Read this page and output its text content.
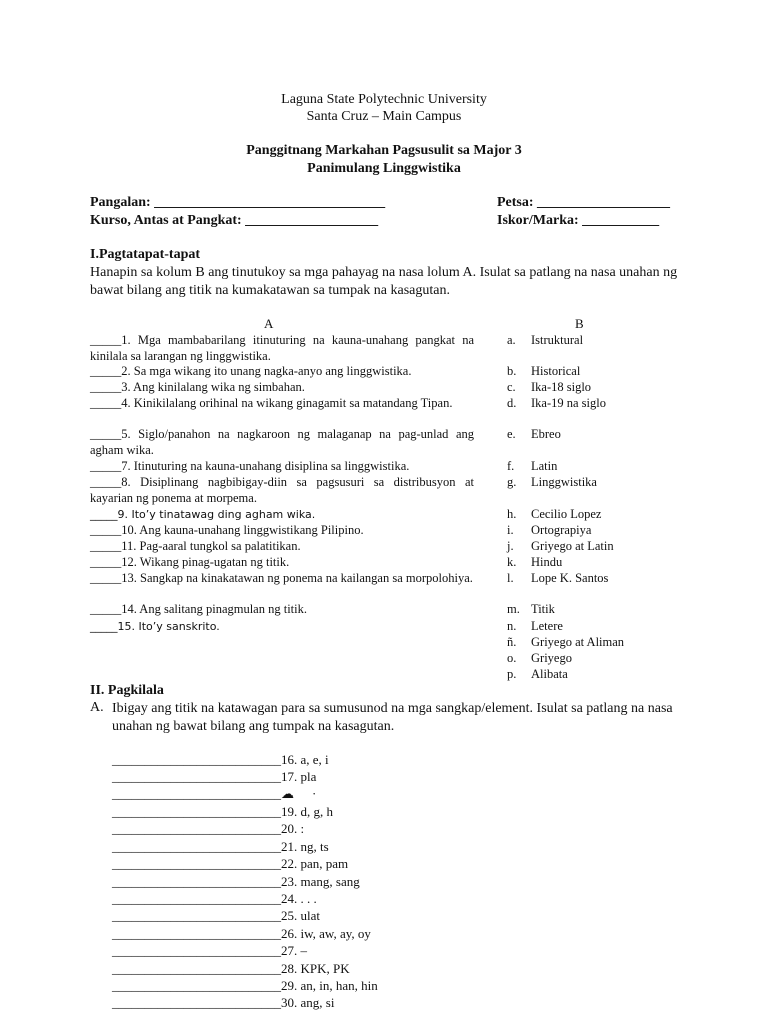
Laguna State Polytechnic University
Santa Cruz – Main Campus
Panggitnang Markahan Pagsusulit sa Major 3
Panimulang Linggwistika
Pangalan: _________________________________
Kurso, Antas at Pangkat: ___________________
Petsa: ___________________
Iskor/Marka: ___________
I.Pagtatapat-tapat
Hanapin sa kolum B ang tinutukoy sa mga pahayag na nasa lolum A. Isulat sa patlang na nasa unahan ng bawat bilang ang titik na kumakatawan sa tumpak na kasagutan.
A	B
_____1. Mga mambabarilang itinuturing na kauna-unahang pangkat na kinilala sa larangan ng linggwistika.
_____2. Sa mga wikang ito unang nagka-anyo ang linggwistika.
_____3. Ang kinilalang wika ng simbahan.
_____4. Kinikilalang orihinal na wikang ginagamit sa matandang Tipan.
_____5. Siglo/panahon na nagkaroon ng malaganap na pag-unlad ang agham wika.
_____7. Itinuturing na kauna-unahang disiplina sa linggwistika.
_____8. Disiplinang nagbibigay-diin sa pagsusuri sa distribusyon at kayarian ng ponema at morpema.
_____9. Ito’y tinatawag ding agham wika.
_____10. Ang kauna-unahang linggwistikang Pilipino.
_____11. Pag-aaral tungkol sa palatitikan.
_____12. Wikang pinag-ugatan ng titik.
_____13. Sangkap na kinakatawan ng ponema na kailangan sa morpolohiya.
_____14. Ang salitang pinagmulan ng titik.
_____15. Ito’y sanskrito.
a. Istruktural
b. Historical
c. Ika-18 siglo
d. Ika-19 na siglo
e. Ebreo
f. Latin
g. Linggwistika
h. Cecilio Lopez
i. Ortograpiya
j. Griyego at Latin
k. Hindu
l. Lope K. Santos
m. Titik
n. Letere
ñ. Griyego at Aliman
o. Griyego
p. Alibata
II. Pagkilala
A. Ibigay ang titik na katawagan para sa sumusunod na mga sangkap/element. Isulat sa patlang na nasa unahan ng bawat bilang ang tumpak na kasagutan.
__________________________16. a, e, i
__________________________17. pla
__________________________☁ ·
__________________________19. d, g, h
__________________________20. :
__________________________21. ng, ts
__________________________22. pan, pam
__________________________23. mang, sang
__________________________24. . . .
__________________________25. ulat
__________________________26. iw, aw, ay, oy
__________________________27. –
__________________________28. KPK, PK
__________________________29. an, in, han, hin
__________________________30. ang, si
